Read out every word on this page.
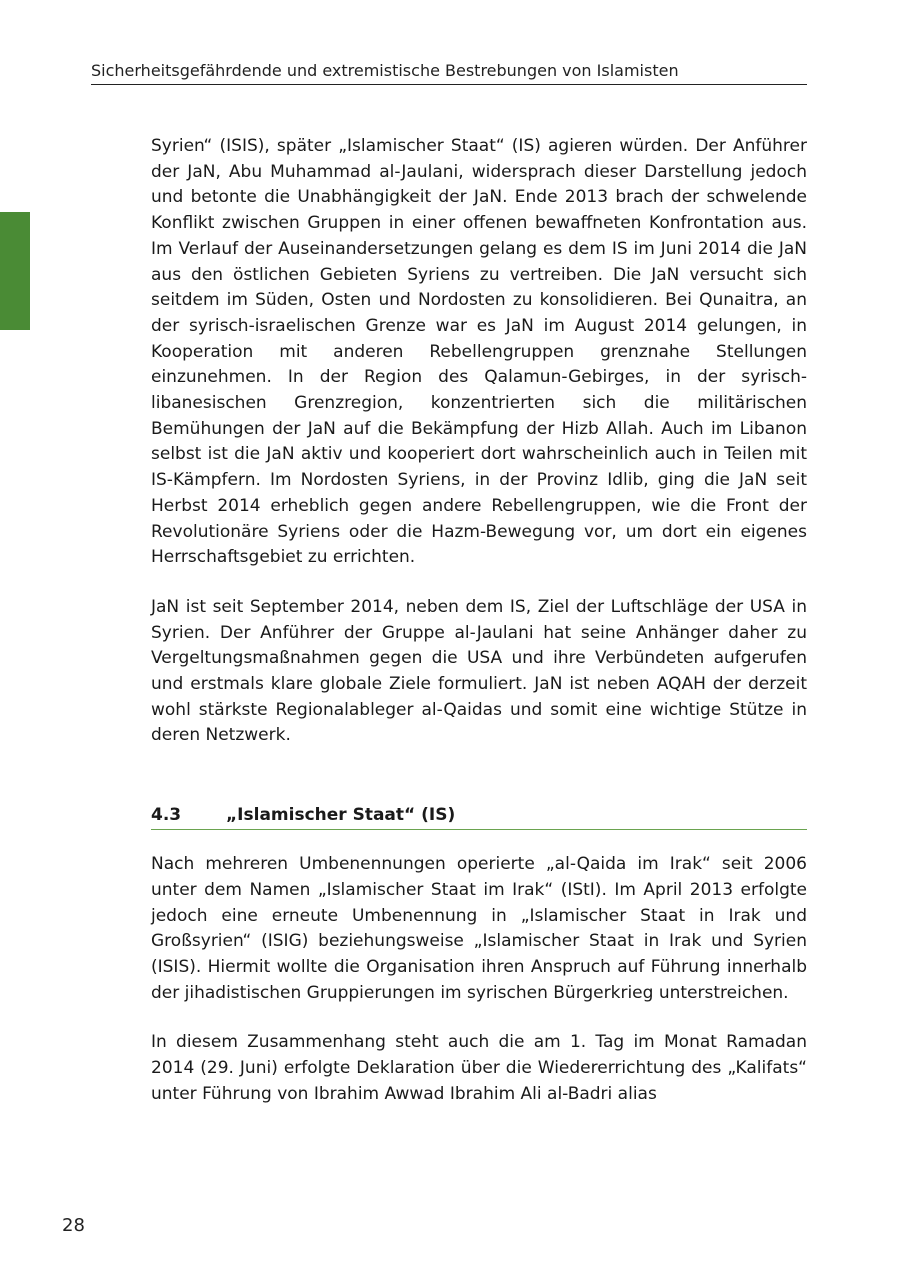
Sicherheitsgefährdende und extremistische Bestrebungen von Islamisten

Syrien“ (ISIS), später „Islamischer Staat“ (IS) agieren würden. Der Anführer der JaN, Abu Muhammad al-Jaulani, widersprach dieser Darstellung jedoch und betonte die Unabhängigkeit der JaN. Ende 2013 brach der schwelende Konflikt zwischen Gruppen in einer offenen bewaffneten Konfrontation aus. Im Verlauf der Auseinandersetzungen gelang es dem IS im Juni 2014 die JaN aus den östlichen Gebieten Syriens zu vertreiben. Die JaN versucht sich seitdem im Süden, Osten und Nordosten zu konsolidieren. Bei Qunaitra, an der syrisch-israelischen Grenze war es JaN im August 2014 gelungen, in Kooperation mit anderen Rebellengruppen grenznahe Stellungen einzunehmen. In der Region des Qalamun-Gebirges, in der syrisch-libanesischen Grenzregion, konzentrierten sich die militärischen Bemühungen der JaN auf die Bekämpfung der Hizb Allah. Auch im Libanon selbst ist die JaN aktiv und kooperiert dort wahrscheinlich auch in Teilen mit IS-Kämpfern. Im Nordosten Syriens, in der Provinz Idlib, ging die JaN seit Herbst 2014 erheblich gegen andere Rebellengruppen, wie die Front der Revolutionäre Syriens oder die Hazm-Bewegung vor, um dort ein eigenes Herrschaftsgebiet zu errichten.

JaN ist seit September 2014, neben dem IS, Ziel der Luftschläge der USA in Syrien. Der Anführer der Gruppe al-Jaulani hat seine Anhänger daher zu Vergeltungsmaßnahmen gegen die USA und ihre Verbündeten aufgerufen und erstmals klare globale Ziele formuliert. JaN ist neben AQAH der derzeit wohl stärkste Regionalableger al-Qaidas und somit eine wichtige Stütze in deren Netzwerk.

4.3	„Islamischer Staat“ (IS)

Nach mehreren Umbenennungen operierte „al-Qaida im Irak“ seit 2006 unter dem Namen „Islamischer Staat im Irak“ (IStI). Im April 2013 erfolgte jedoch eine erneute Umbenennung in „Islamischer Staat in Irak und Großsyrien“ (ISIG) beziehungsweise „Islamischer Staat in Irak und Syrien (ISIS). Hiermit wollte die Organisation ihren Anspruch auf Führung innerhalb der jihadistischen Gruppierungen im syrischen Bürgerkrieg unterstreichen.

In diesem Zusammenhang steht auch die am 1. Tag im Monat Ramadan 2014 (29. Juni) erfolgte Deklaration über die Wiedererrichtung des „Kalifats“ unter Führung von Ibrahim Awwad Ibrahim Ali al-Badri alias

28
